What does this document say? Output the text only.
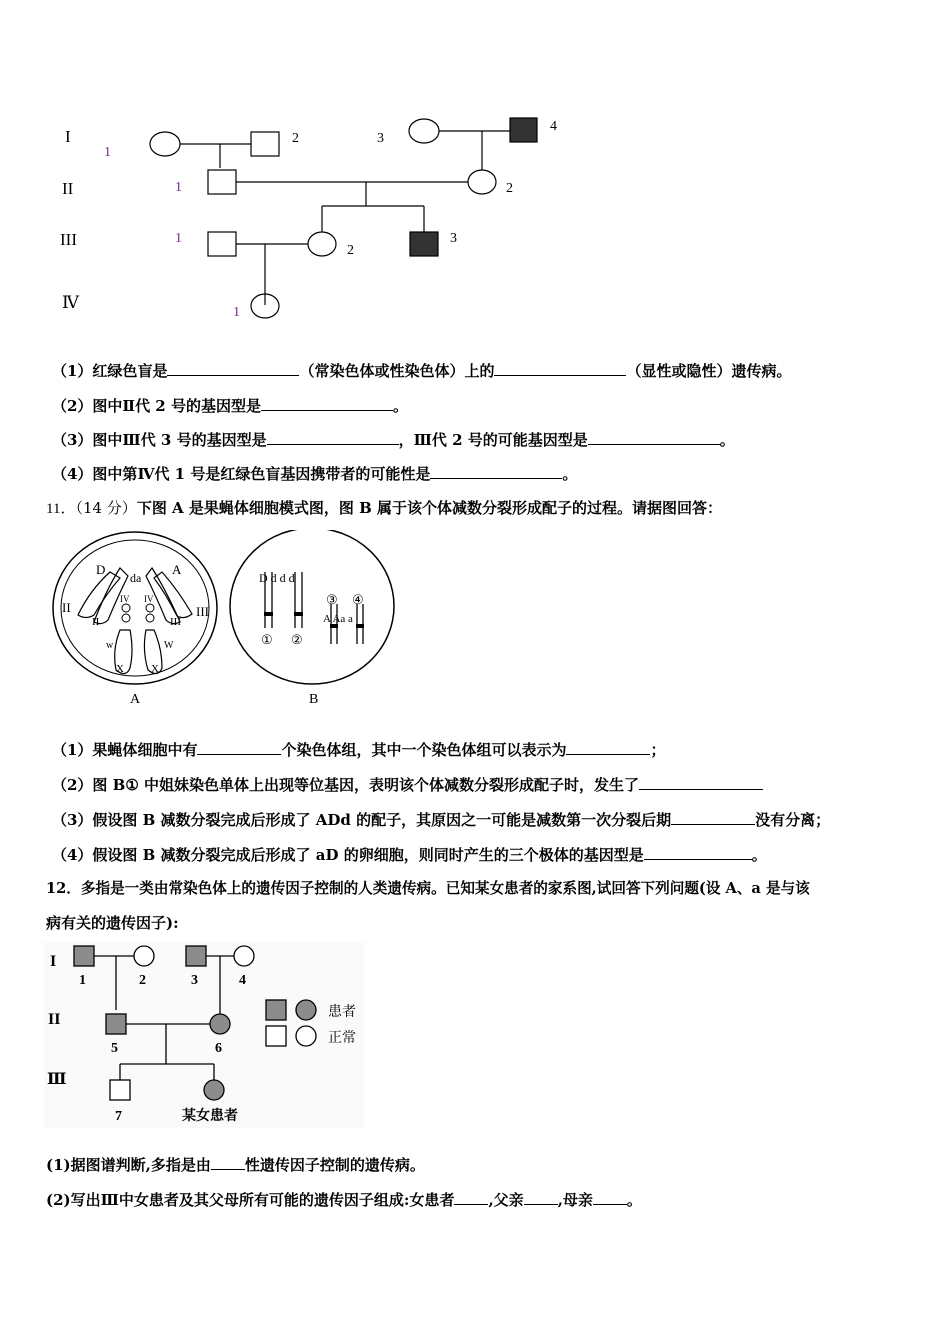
I
II
III
Ⅳ
1
2	3
4
1	2
1
2
3
1
（1）红绿色盲是	（常染色体或性染色体）上的	（显性或隐性）遗传病。
（2）图中Ⅱ代 2 号的基因型是	。
（3）图中Ⅲ代 3 号的基因型是	，Ⅲ代 2 号的可能基因型是	。
（4）图中第Ⅳ代 1 号是红绿色盲基因携带者的可能性是	。
11．（14 分）下图 A 是果蝇体细胞模式图，图 B 属于该个体减数分裂形成配子的过程。请据图回答：
D
da
A
II	III
IV IV
II	III
w	W
X X
A
D d d d
① ②
③ ④
A Aa a
B
（1）果蝇体细胞中有	个染色体组，其中一个染色体组可以表示为	；
（2）图 B① 中姐妹染色单体上出现等位基因，表明该个体减数分裂形成配子时，发生了
（3）假设图 B 减数分裂完成后形成了 ADd 的配子，其原因之一可能是减数第一次分裂后期	没有分离；
（4）假设图 B 减数分裂完成后形成了 aD 的卵细胞，则同时产生的三个极体的基因型是	。
12．多指是一类由常染色体上的遗传因子控制的人类遗传病。已知某女患者的家系图,试回答下列问题(设 A、a 是与该
病有关的遗传因子):
I
II
Ⅲ
1	2	3	4
5	6
7	某女患者
患者
正常
(1)据图谱判断,多指是由 性遗传因子控制的遗传病。
(2)写出Ⅲ中女患者及其父母所有可能的遗传因子组成:女患者 ,父亲 ,母亲 。
